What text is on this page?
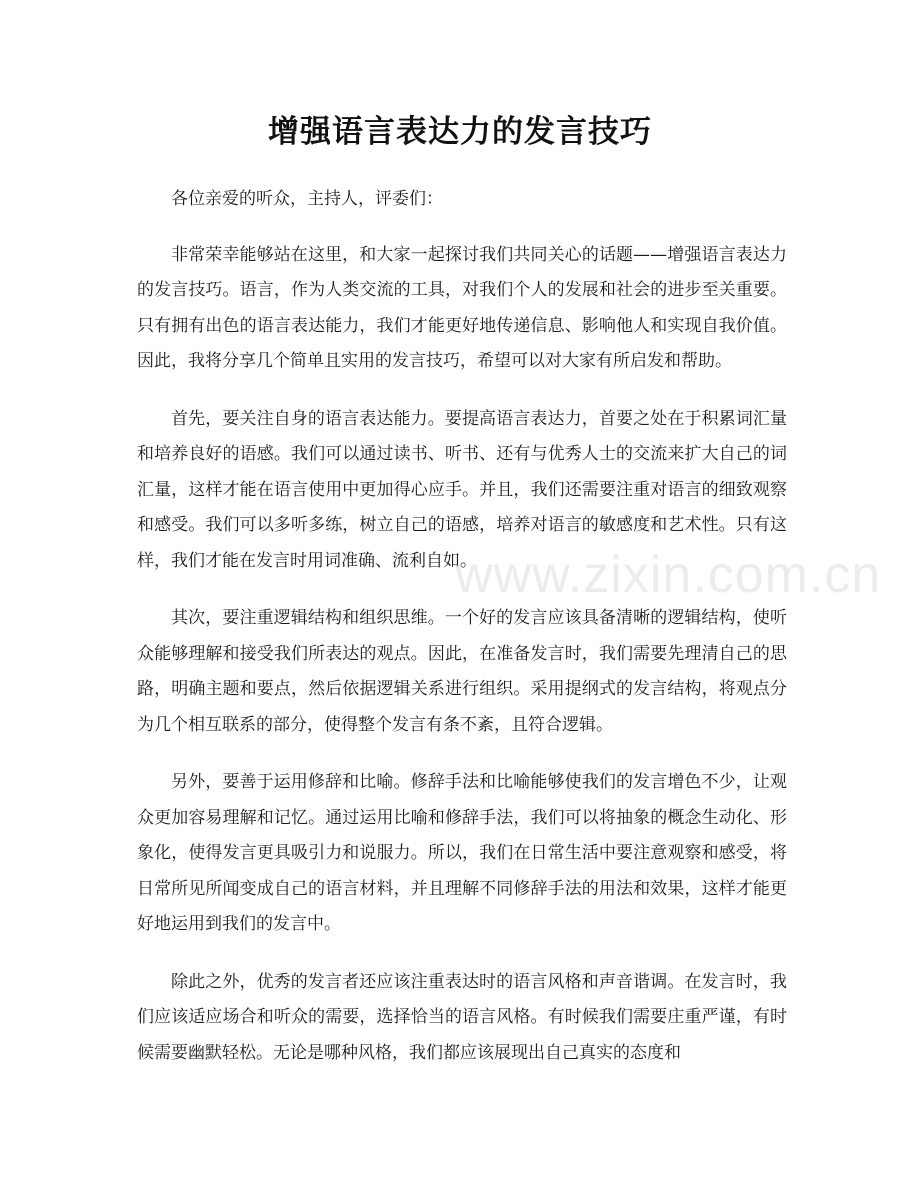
增强语言表达力的发言技巧

各位亲爱的听众，主持人，评委们：

非常荣幸能够站在这里，和大家一起探讨我们共同关心的话题——增强语言表达力的发言技巧。语言，作为人类交流的工具，对我们个人的发展和社会的进步至关重要。只有拥有出色的语言表达能力，我们才能更好地传递信息、影响他人和实现自我价值。因此，我将分享几个简单且实用的发言技巧，希望可以对大家有所启发和帮助。

首先，要关注自身的语言表达能力。要提高语言表达力，首要之处在于积累词汇量和培养良好的语感。我们可以通过读书、听书、还有与优秀人士的交流来扩大自己的词汇量，这样才能在语言使用中更加得心应手。并且，我们还需要注重对语言的细致观察和感受。我们可以多听多练，树立自己的语感，培养对语言的敏感度和艺术性。只有这样，我们才能在发言时用词准确、流利自如。

其次，要注重逻辑结构和组织思维。一个好的发言应该具备清晰的逻辑结构，使听众能够理解和接受我们所表达的观点。因此，在准备发言时，我们需要先理清自己的思路，明确主题和要点，然后依据逻辑关系进行组织。采用提纲式的发言结构，将观点分为几个相互联系的部分，使得整个发言有条不紊，且符合逻辑。

另外，要善于运用修辞和比喻。修辞手法和比喻能够使我们的发言增色不少，让观众更加容易理解和记忆。通过运用比喻和修辞手法，我们可以将抽象的概念生动化、形象化，使得发言更具吸引力和说服力。所以，我们在日常生活中要注意观察和感受，将日常所见所闻变成自己的语言材料，并且理解不同修辞手法的用法和效果，这样才能更好地运用到我们的发言中。

除此之外，优秀的发言者还应该注重表达时的语言风格和声音谐调。在发言时，我们应该适应场合和听众的需要，选择恰当的语言风格。有时候我们需要庄重严谨，有时候需要幽默轻松。无论是哪种风格，我们都应该展现出自己真实的态度和

www.zixin.com.cn
